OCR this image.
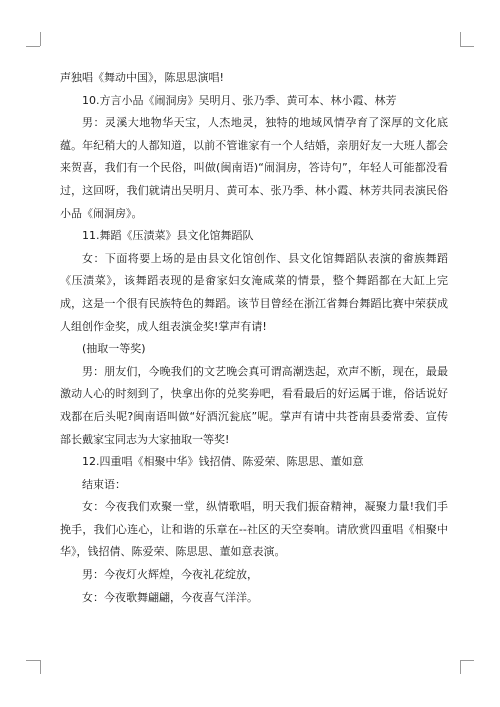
声独唱《舞动中国》，陈思思演唱!

10.方言小品《闹洞房》吴明月、张乃季、黄可本、林小霞、林芳

男：灵溪大地物华天宝，人杰地灵，独特的地域风情孕育了深厚的文化底蕴。年纪稍大的人都知道，以前不管谁家有一个人结婚，亲朋好友一大班人都会来贺喜，我们有一个民俗，叫做(闽南语)“闹洞房，答诗句”，年轻人可能都没看过，这回呀，我们就请出吴明月、黄可本、张乃季、林小霞、林芳共同表演民俗小品《闹洞房》。

11.舞蹈《压渍菜》县文化馆舞蹈队

女：下面将要上场的是由县文化馆创作、县文化馆舞蹈队表演的畲族舞蹈《压渍菜》，该舞蹈表现的是畲家妇女淹咸菜的情景，整个舞蹈都在大缸上完成，这是一个很有民族特色的舞蹈。该节目曾经在浙江省舞台舞蹈比赛中荣获成人组创作金奖，成人组表演金奖!掌声有请!

(抽取一等奖)

男：朋友们，今晚我们的文艺晚会真可谓高潮迭起，欢声不断，现在，最最激动人心的时刻到了，快拿出你的兑奖劵吧，看看最后的好运属于谁，俗话说好戏都在后头呢?闽南语叫做“好酒沉瓮底”呢。掌声有请中共苍南县委常委、宣传部长戴家宝同志为大家抽取一等奖!

12.四重唱《相聚中华》钱招倩、陈爱荣、陈思思、董如意

结束语：

女：今夜我们欢聚一堂，纵情歌唱，明天我们振奋精神，凝聚力量!我们手挽手，我们心连心，让和谐的乐章在--社区的天空奏响。请欣赏四重唱《相聚中华》，钱招倩、陈爱荣、陈思思、董如意表演。

男：今夜灯火辉煌，今夜礼花绽放，

女：今夜歌舞翩翩，今夜喜气洋洋。
